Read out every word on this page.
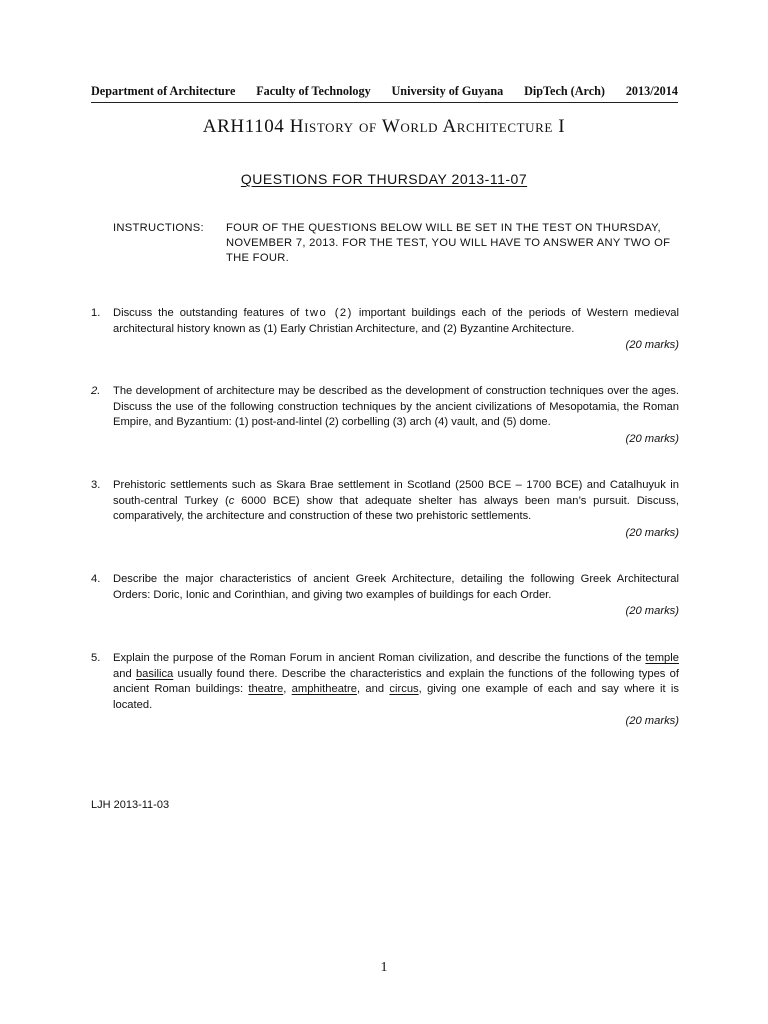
Department of Architecture Faculty of Technology University of Guyana DipTech (Arch) 2013/2014
ARH1104 History of World Architecture I
QUESTIONS FOR THURSDAY 2013-11-07
INSTRUCTIONS: FOUR OF THE QUESTIONS BELOW WILL BE SET IN THE TEST ON THURSDAY, NOVEMBER 7, 2013. FOR THE TEST, YOU WILL HAVE TO ANSWER ANY TWO OF THE FOUR.
1. Discuss the outstanding features of two (2) important buildings each of the periods of Western medieval architectural history known as (1) Early Christian Architecture, and (2) Byzantine Architecture.
(20 marks)
2. The development of architecture may be described as the development of construction techniques over the ages. Discuss the use of the following construction techniques by the ancient civilizations of Mesopotamia, the Roman Empire, and Byzantium: (1) post-and-lintel (2) corbelling (3) arch (4) vault, and (5) dome.
(20 marks)
3. Prehistoric settlements such as Skara Brae settlement in Scotland (2500 BCE – 1700 BCE) and Catalhuyuk in south-central Turkey (c 6000 BCE) show that adequate shelter has always been man’s pursuit. Discuss, comparatively, the architecture and construction of these two prehistoric settlements.
(20 marks)
4. Describe the major characteristics of ancient Greek Architecture, detailing the following Greek Architectural Orders: Doric, Ionic and Corinthian, and giving two examples of buildings for each Order.
(20 marks)
5. Explain the purpose of the Roman Forum in ancient Roman civilization, and describe the functions of the temple and basilica usually found there. Describe the characteristics and explain the functions of the following types of ancient Roman buildings: theatre, amphitheatre, and circus, giving one example of each and say where it is located.
(20 marks)
LJH 2013-11-03
1
